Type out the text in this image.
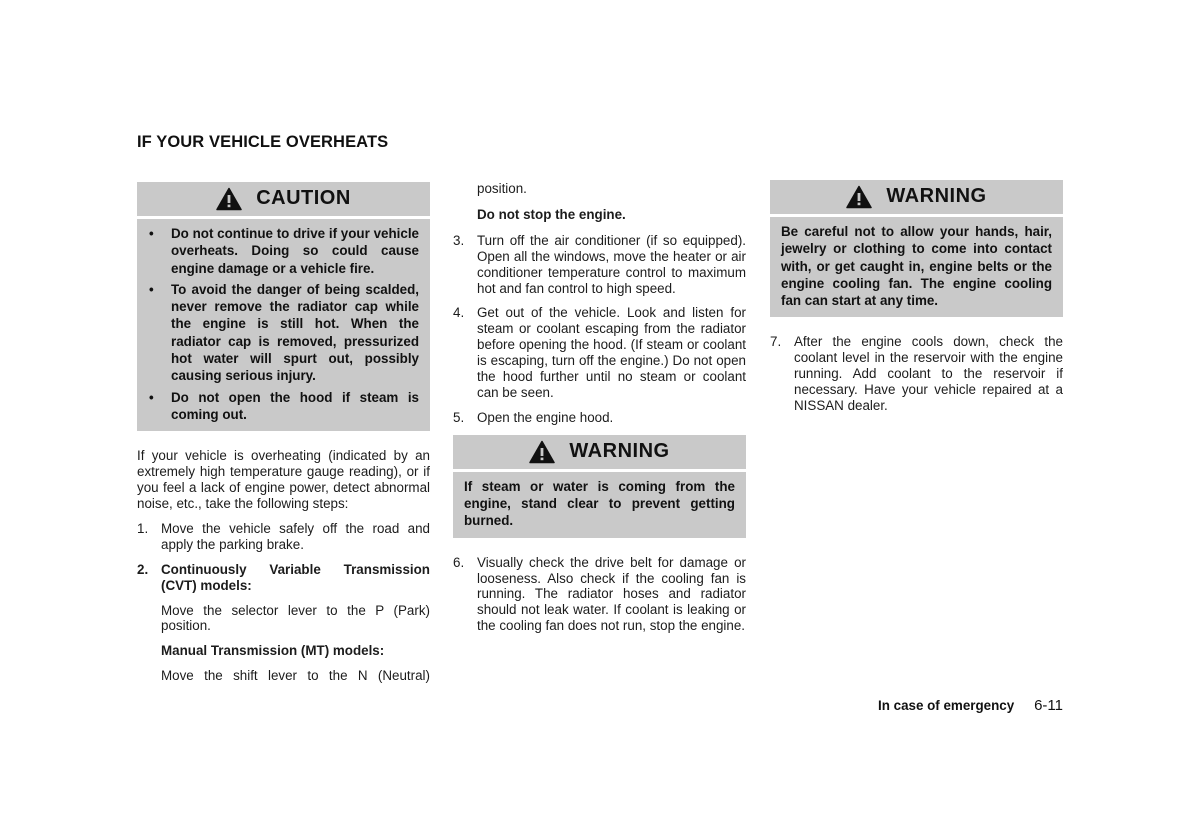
IF YOUR VEHICLE OVERHEATS
CAUTION
• Do not continue to drive if your vehicle overheats. Doing so could cause engine damage or a vehicle fire.
• To avoid the danger of being scalded, never remove the radiator cap while the engine is still hot. When the radiator cap is removed, pressurized hot water will spurt out, possibly causing serious injury.
• Do not open the hood if steam is coming out.

If your vehicle is overheating (indicated by an extremely high temperature gauge reading), or if you feel a lack of engine power, detect abnormal noise, etc., take the following steps:

1. Move the vehicle safely off the road and apply the parking brake.
2. Continuously Variable Transmission (CVT) models:
Move the selector lever to the P (Park) position.
Manual Transmission (MT) models:
Move the shift lever to the N (Neutral)
position.
Do not stop the engine.
3. Turn off the air conditioner (if so equipped). Open all the windows, move the heater or air conditioner temperature control to maximum hot and fan control to high speed.
4. Get out of the vehicle. Look and listen for steam or coolant escaping from the radiator before opening the hood. (If steam or coolant is escaping, turn off the engine.) Do not open the hood further until no steam or coolant can be seen.
5. Open the engine hood.
WARNING
If steam or water is coming from the engine, stand clear to prevent getting burned.
6. Visually check the drive belt for damage or looseness. Also check if the cooling fan is running. The radiator hoses and radiator should not leak water. If coolant is leaking or the cooling fan does not run, stop the engine.
WARNING
Be careful not to allow your hands, hair, jewelry or clothing to come into contact with, or get caught in, engine belts or the engine cooling fan. The engine cooling fan can start at any time.
7. After the engine cools down, check the coolant level in the reservoir with the engine running. Add coolant to the reservoir if necessary. Have your vehicle repaired at a NISSAN dealer.
In case of emergency 6-11
